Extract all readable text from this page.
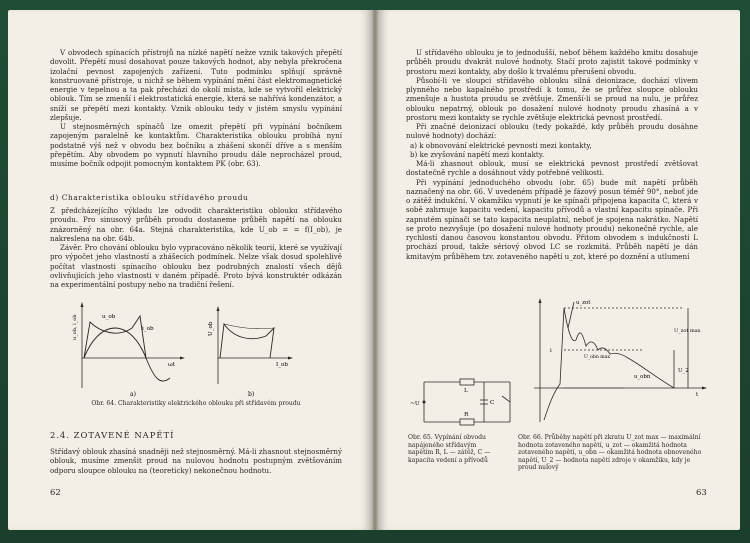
V obvodech spínacích přístrojů na nízké napětí nežze vznik takových přepětí dovolit. Přepětí musí dosahovat pouze takových hodnot, aby nebyla překročena izolační pevnost zapojených zařízení. Tuto podmínku splňují správně konstruované přístroje, u nichž se během vypínání mění část elektromagnetické energie v tepelnou a ta pak přechází do okolí místa, kde se vytvořil elektrický oblouk. Tím se zmenší i elektrostatická energie, která se nahřívá kondenzátor, a sníží se přepětí mezi kontakty. Vznik oblouku tedy v jistém smyslu vypínání zlepšuje.

U stejnosměrných spínačů lze omezit přepětí při vypínání bočníkem zapojeným paralelně ke kontaktům. Charakteristika oblouku probíhá nyní podstatně výš než v obvodu bez bočníku a zhášení skončí dříve a s menším přepětím. Aby obvodem po vypnutí hlavního proudu dále neprocházel proud, musíme bočník odpojit pomocným kontaktem PK (obr. 63).

d) Charakteristika oblouku střídavého proudu

Z předcházejícího výkladu lze odvodit charakteristiku oblouku střídavého proudu. Pro sinusový průběh proudu dostaneme průběh napětí na oblouku znázorněný na obr. 64a. Stejná charakteristika, kde U_ob = = f(I_ob), je nakreslena na obr. 64b.

Závěr. Pro chování oblouku bylo vypracováno několik teorií, které se využívají pro výpočet jeho vlastností a zhášecích podmínek. Nelze však dosud spolehlivě počítat vlastnosti spínacího oblouku bez podrobných znalostí všech dějů ovlivňujících jeho vlastnosti v daném případě. Proto bývá konstruktér odkázán na experimentální postupy nebo na tradiční řešení.

u_ob
i_ob
u_ob, i_ob
ωt
a)
U_ob
I_ob
b)
Obr. 64. Charakteristiky elektrického oblouku při střídavém proudu
2.4. ZOTAVENÉ NAPĚTÍ

Střídavý oblouk zhasíná snadněji než stejnosměrný. Má-li zhasnout stejnosměrný oblouk, musíme zmenšit proud na nulovou hodnotu postupným zvětšováním odporu sloupce oblouku na (teoreticky) nekonečnou hodnotu.

62

U střídavého oblouku je to jednodušší, neboť během každého kmitu dosahuje průběh proudu dvakrát nulové hodnoty. Stačí proto zajistit takové podmínky v prostoru mezi kontakty, aby došlo k trvalému přerušení obvodu.

Působí-li ve sloupci střídavého oblouku silná deionizace, dochází vlivem plynného nebo kapalného prostředí k tomu, že se průřez sloupce oblouku zmenšuje a hustota proudu se zvětšuje. Zmenší-li se proud na nulu, je průřez oblouku nepatrný, oblouk po dosažení nulové hodnoty proudu zhasíná a v prostoru mezi kontakty se rychle zvětšuje elektrická pevnost prostředí.

Při značné deionizaci oblouku (tedy pokaždé, kdy průběh proudu dosáhne nulové hodnoty) dochází:

a) k obnovování elektrické pevnosti mezi kontakty,

b) ke zvyšování napětí mezi kontakty.

Má-li zhasnout oblouk, musí se elektrická pevnost prostředí zvětšovat dostatečně rychle a dosáhnout vždy potřebné velikosti.

Při vypínání jednoduchého obvodu (obr. 65) bude mít napětí průběh naznačený na obr. 66. V uvedeném případě je fázový posun téměř 90°, neboť jde o zátěž indukční. V okamžiku vypnutí je ke spínači připojena kapacita C, která v sobě zahrnuje kapacitu vedení, kapacitu přívodů a vlastní kapacitu spínače. Při zapnutém spínači se tato kapacita neuplatní, neboť je spojena nakrátko. Napětí se proto nezvyšuje (po dosažení nulové hodnoty proudu) nekonečně rychle, ale rychlostí danou časovou konstantou obvodu. Přitom obvodem s indukčností L prochází proud, takže sériový obvod LC se rozkmitá. Průběh napětí je dán kmitavým průběhem tzv. zotaveného napětí u_zot, které po doznění a utlumení

~U
L
R
C
u_zot
U_zot max
i
u_obn
U_2
t
U_obn max
Obr. 65. Vypínání obvodu napájeného střídavým napětím R, L — zátěž, C — kapacita vedení a přívodů
Obr. 66. Průběhy napětí při zkratu U_zot max — maximální hodnota zotaveného napětí, u_zot — okamžitá hodnota zotaveného napětí, u_obn — okamžitá hodnota obnoveného napětí, U_2 — hodnota napětí zdroje v okamžiku, kdy je proud nulový
63
